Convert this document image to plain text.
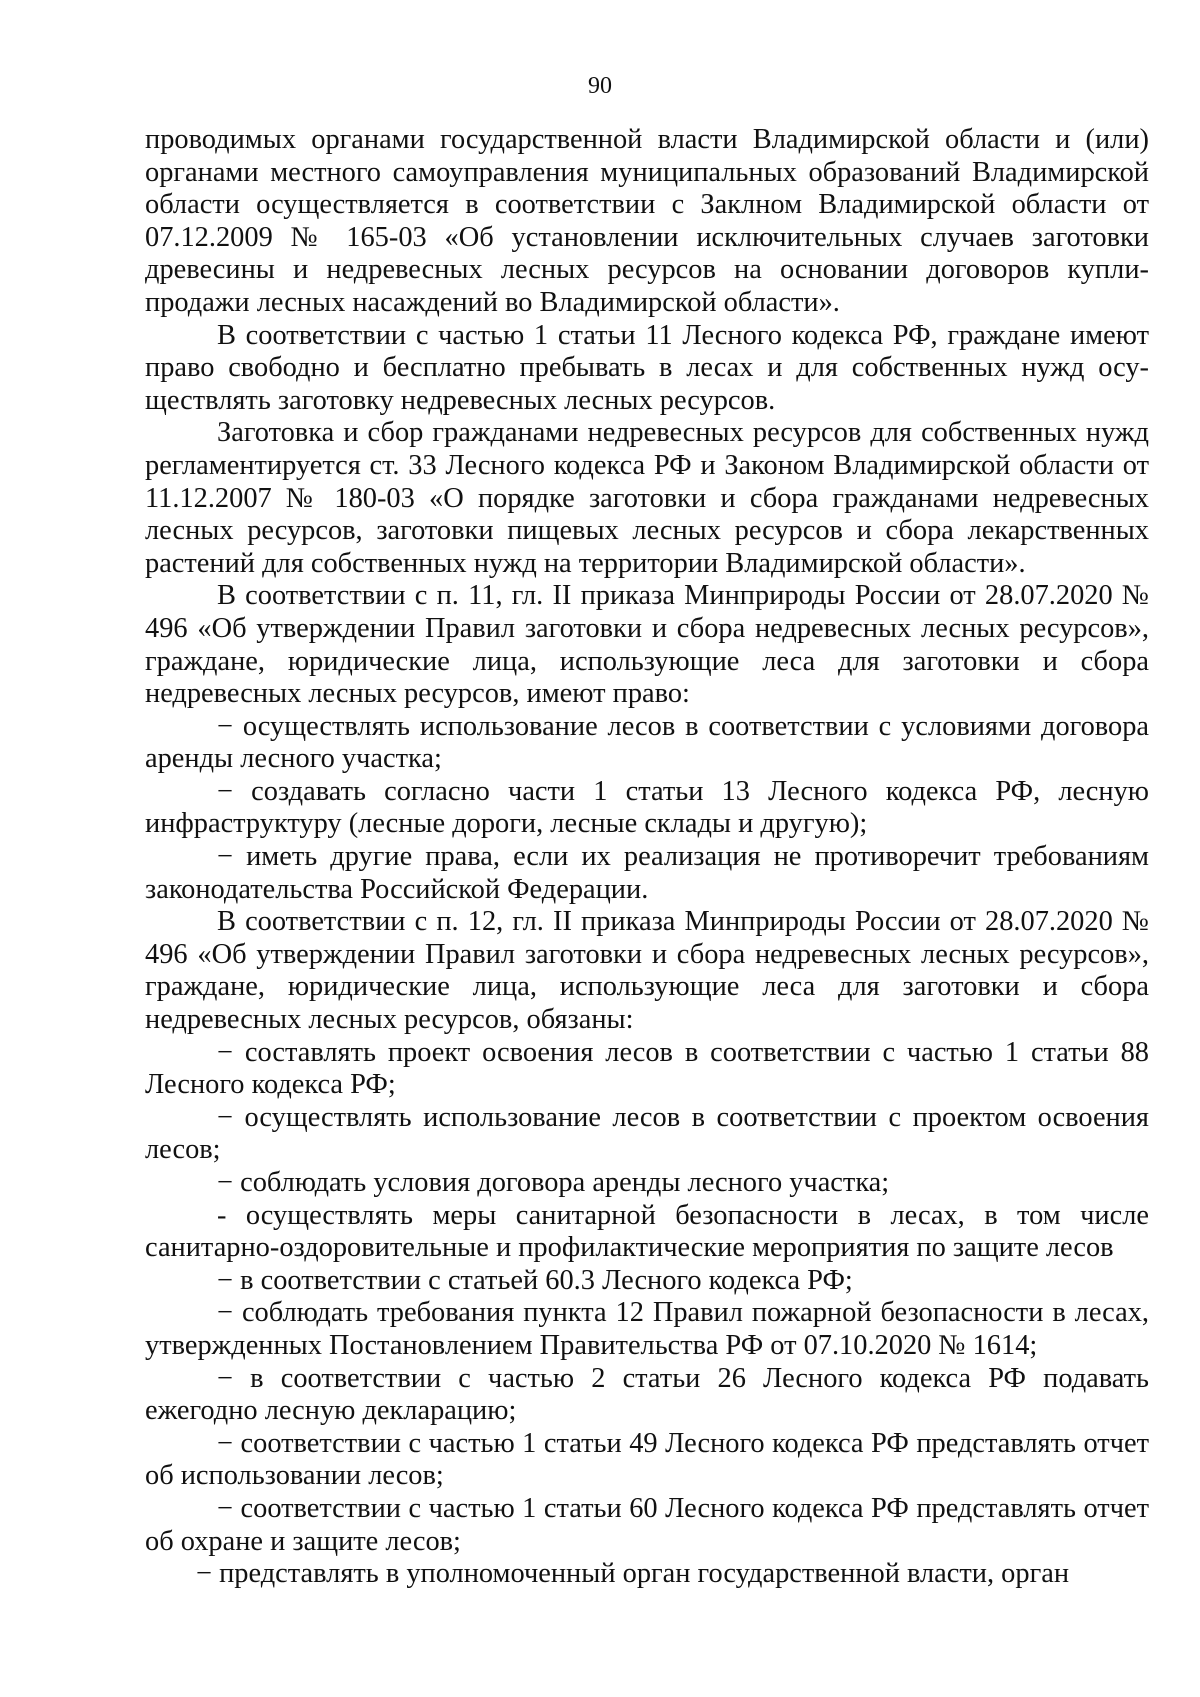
90

проводимых органами государственной власти Владимирской области и (или) органами местного самоуправления муниципальных образований Владимирской области осуществляется в соответствии с Заклном Владимирской области от 07.12.2009 № 165-03 «Об установлении исключительных случаев заготовки древесины и недревесных лесных ресурсов на основании договоров купли-продажи лесных насаждений во Владимирской области».

В соответствии с частью 1 статьи 11 Лесного кодекса РФ, граждане имеют право свободно и бесплатно пребывать в лесах и для собственных нужд осуществлять заготовку недревесных лесных ресурсов.

Заготовка и сбор гражданами недревесных ресурсов для собственных нужд регламентируется ст. 33 Лесного кодекса РФ и Законом Владимирской области от 11.12.2007 № 180-03 «О порядке заготовки и сбора гражданами недревесных лесных ресурсов, заготовки пищевых лесных ресурсов и сбора лекарственных растений для собственных нужд на территории Владимирской области».

В соответствии с п. 11, гл. II приказа Минприроды России от 28.07.2020 № 496 «Об утверждении Правил заготовки и сбора недревесных лесных ресурсов», граждане, юридические лица, использующие леса для заготовки и сбора недревесных лесных ресурсов, имеют право:

− осуществлять использование лесов в соответствии с условиями договора аренды лесного участка;

− создавать согласно части 1 статьи 13 Лесного кодекса РФ, лесную инфраструктуру (лесные дороги, лесные склады и другую);

− иметь другие права, если их реализация не противоречит требованиям законодательства Российской Федерации.

В соответствии с п. 12, гл. II приказа Минприроды России от 28.07.2020 № 496 «Об утверждении Правил заготовки и сбора недревесных лесных ресурсов», граждане, юридические лица, использующие леса для заготовки и сбора недревесных лесных ресурсов, обязаны:

− составлять проект освоения лесов в соответствии с частью 1 статьи 88 Лесного кодекса РФ;

− осуществлять использование лесов в соответствии с проектом освоения лесов;

− соблюдать условия договора аренды лесного участка;

- осуществлять меры санитарной безопасности в лесах, в том числе санитарно-оздоровительные и профилактические мероприятия по защите лесов

− в соответствии с статьей 60.3 Лесного кодекса РФ;

− соблюдать требования пункта 12 Правил пожарной безопасности в лесах, утвержденных Постановлением Правительства РФ от 07.10.2020 № 1614;

− в соответствии с частью 2 статьи 26 Лесного кодекса РФ подавать ежегодно лесную декларацию;

− соответствии с частью 1 статьи 49 Лесного кодекса РФ представлять отчет об использовании лесов;

− соответствии с частью 1 статьи 60 Лесного кодекса РФ представлять отчет об охране и защите лесов;

− представлять в уполномоченный орган государственной власти, орган
